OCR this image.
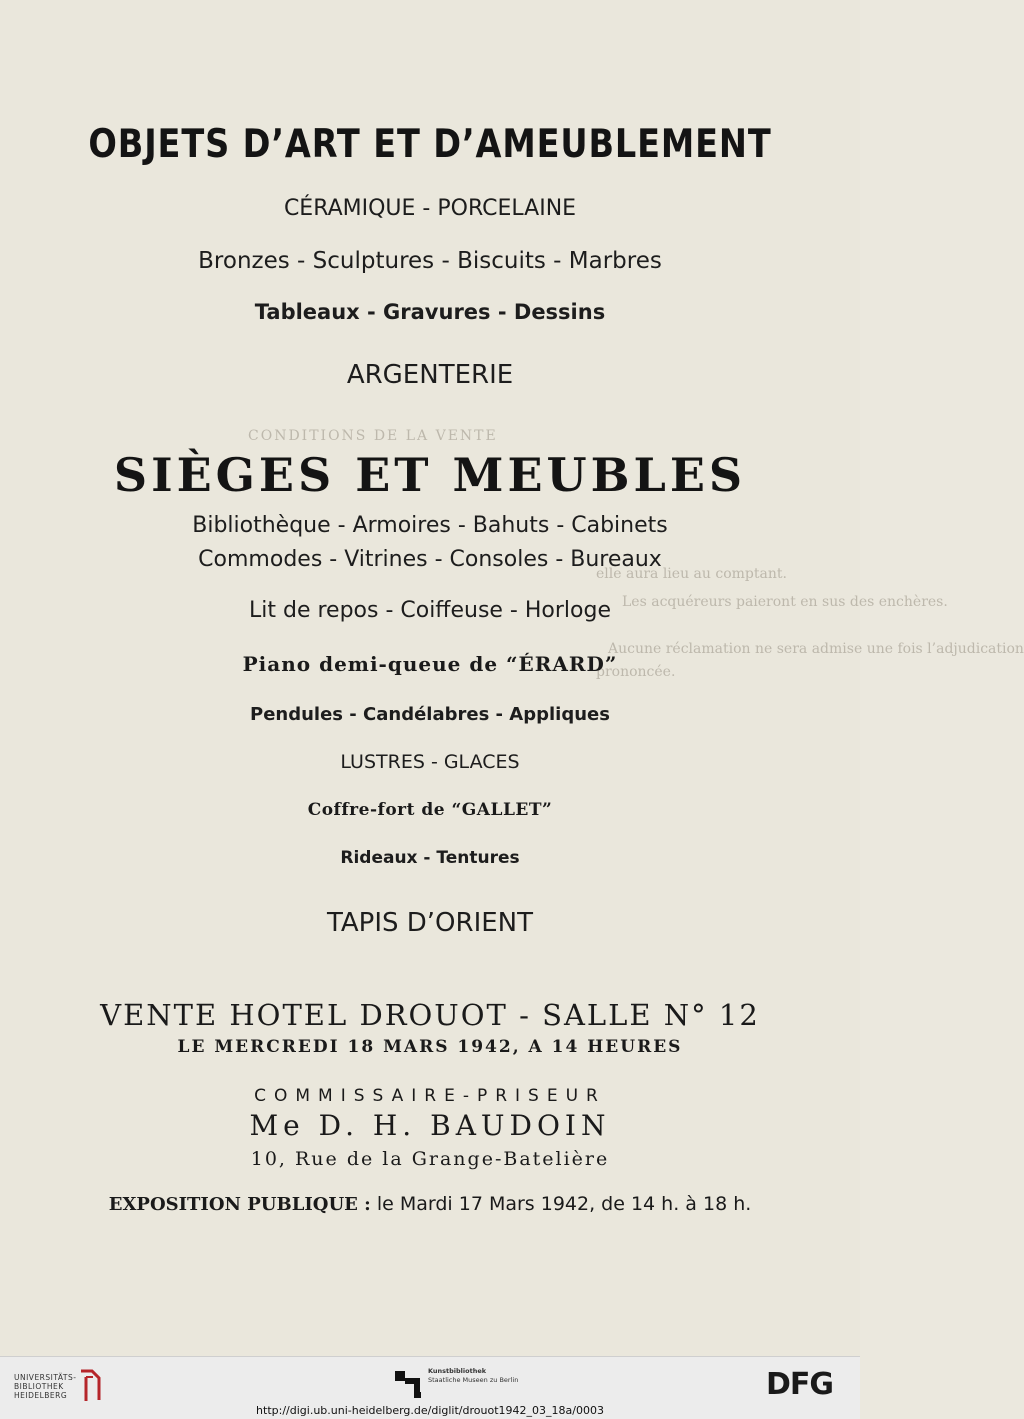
CONDITIONS DE LA VENTE
elle aura lieu au comptant.
Les acquéreurs paieront en sus des enchères.
Aucune réclamation ne sera admise une fois l’adjudication
prononcée.
OBJETS D’ART ET D’AMEUBLEMENT
CÉRAMIQUE - PORCELAINE
Bronzes - Sculptures - Biscuits - Marbres
Tableaux - Gravures - Dessins
ARGENTERIE
SIÈGES ET MEUBLES
Bibliothèque - Armoires - Bahuts - Cabinets
Commodes - Vitrines - Consoles - Bureaux
Lit de repos - Coiffeuse - Horloge
Piano demi-queue de “ÉRARD”
Pendules - Candélabres - Appliques
LUSTRES - GLACES
Coffre-fort de “GALLET”
Rideaux - Tentures
TAPIS D’ORIENT
VENTE HOTEL DROUOT - SALLE N° 12
LE MERCREDI 18 MARS 1942, A 14 HEURES
COMMISSAIRE-PRISEUR
Me D. H. BAUDOIN
10, Rue de la Grange-Batelière
EXPOSITION PUBLIQUE : le Mardi 17 Mars 1942, de 14 h. à 18 h.
UNIVERSITÄTS-
BIBLIOTHEK
HEIDELBERG
Kunstbibliothek
Staatliche Museen zu Berlin	DFG
http://digi.ub.uni-heidelberg.de/diglit/drouot1942_03_18a/0003
